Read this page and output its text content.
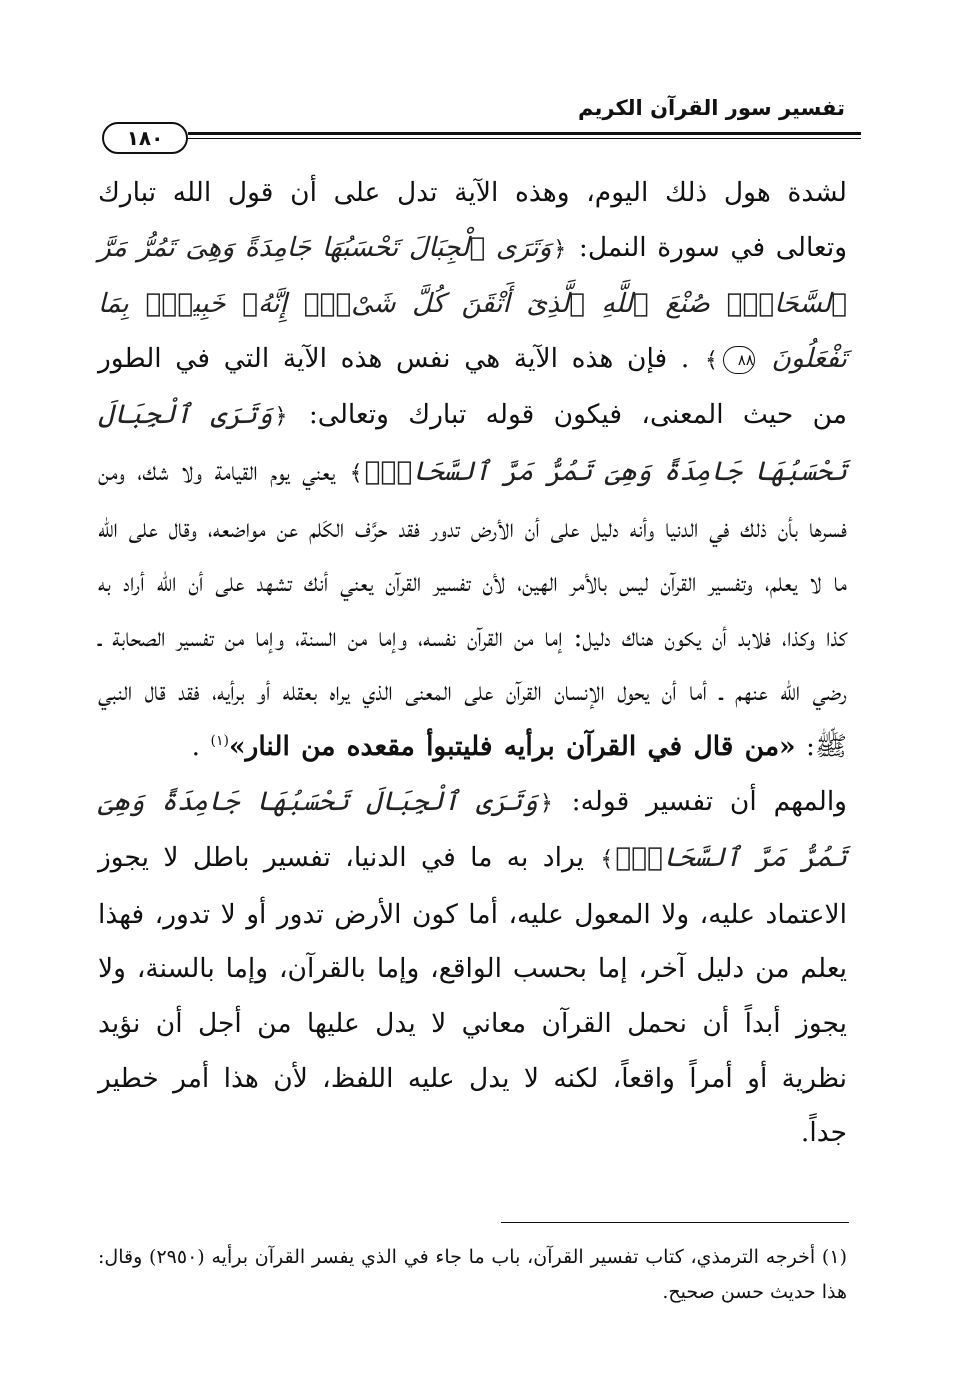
تفسير سور القرآن الكريم
١٨٠

لشدة هول ذلك اليوم، وهذه الآية تدل على أن قول الله تبارك وتعالى في سورة النمل: ﴿وَتَرَى ٱلْجِبَالَ تَحْسَبُهَا جَامِدَةً وَهِىَ تَمُرُّ مَرَّ ٱلسَّحَابِۚ صُنْعَ ٱللَّهِ ٱلَّذِىٓ أَتْقَنَ كُلَّ شَىْءٍۚ إِنَّهُۥ خَبِيرٌۢ بِمَا تَفْعَلُونَ ٨٨﴾ . فإن هذه الآية هي نفس هذه الآية التي في الطور من حيث المعنى، فيكون قوله تبارك وتعالى: ﴿وَتَرَى ٱلْجِبَالَ تَحْسَبُهَا جَامِدَةً وَهِىَ تَمُرُّ مَرَّ ٱلسَّحَابِۚ﴾ يعني يوم القيامة ولا شك، ومن فسرها بأن ذلك في الدنيا وأنه دليل على أن الأرض تدور فقد حرَّف الكَلم عن مواضعه، وقال على الله ما لا يعلم، وتفسير القرآن ليس بالأمر الهين، لأن تفسير القرآن يعني أنك تشهد على أن الله أراد به كذا وكذا، فلابد أن يكون هناك دليل: إما من القرآن نفسه، وإما من السنة، وإما من تفسير الصحابة ـ رضي الله عنهم ـ أما أن يحول الإنسان القرآن على المعنى الذي يراه بعقله أو برأيه، فقد قال النبي ﷺ: «من قال في القرآن برأيه فليتبوأ مقعده من النار»$^{(١)}$ .

والمهم أن تفسير قوله: ﴿وَتَرَى ٱلْجِبَالَ تَحْسَبُهَا جَامِدَةً وَهِىَ تَمُرُّ مَرَّ ٱلسَّحَابِۚ﴾ يراد به ما في الدنيا، تفسير باطل لا يجوز الاعتماد عليه، ولا المعول عليه، أما كون الأرض تدور أو لا تدور، فهذا يعلم من دليل آخر، إما بحسب الواقع، وإما بالقرآن، وإما بالسنة، ولا يجوز أبداً أن نحمل القرآن معاني لا يدل عليها من أجل أن نؤيد نظرية أو أمراً واقعاً، لكنه لا يدل عليه اللفظ، لأن هذا أمر خطير جداً.

(١) أخرجه الترمذي، كتاب تفسير القرآن، باب ما جاء في الذي يفسر القرآن برأيه (٢٩٥٠) وقال: هذا حديث حسن صحيح.
